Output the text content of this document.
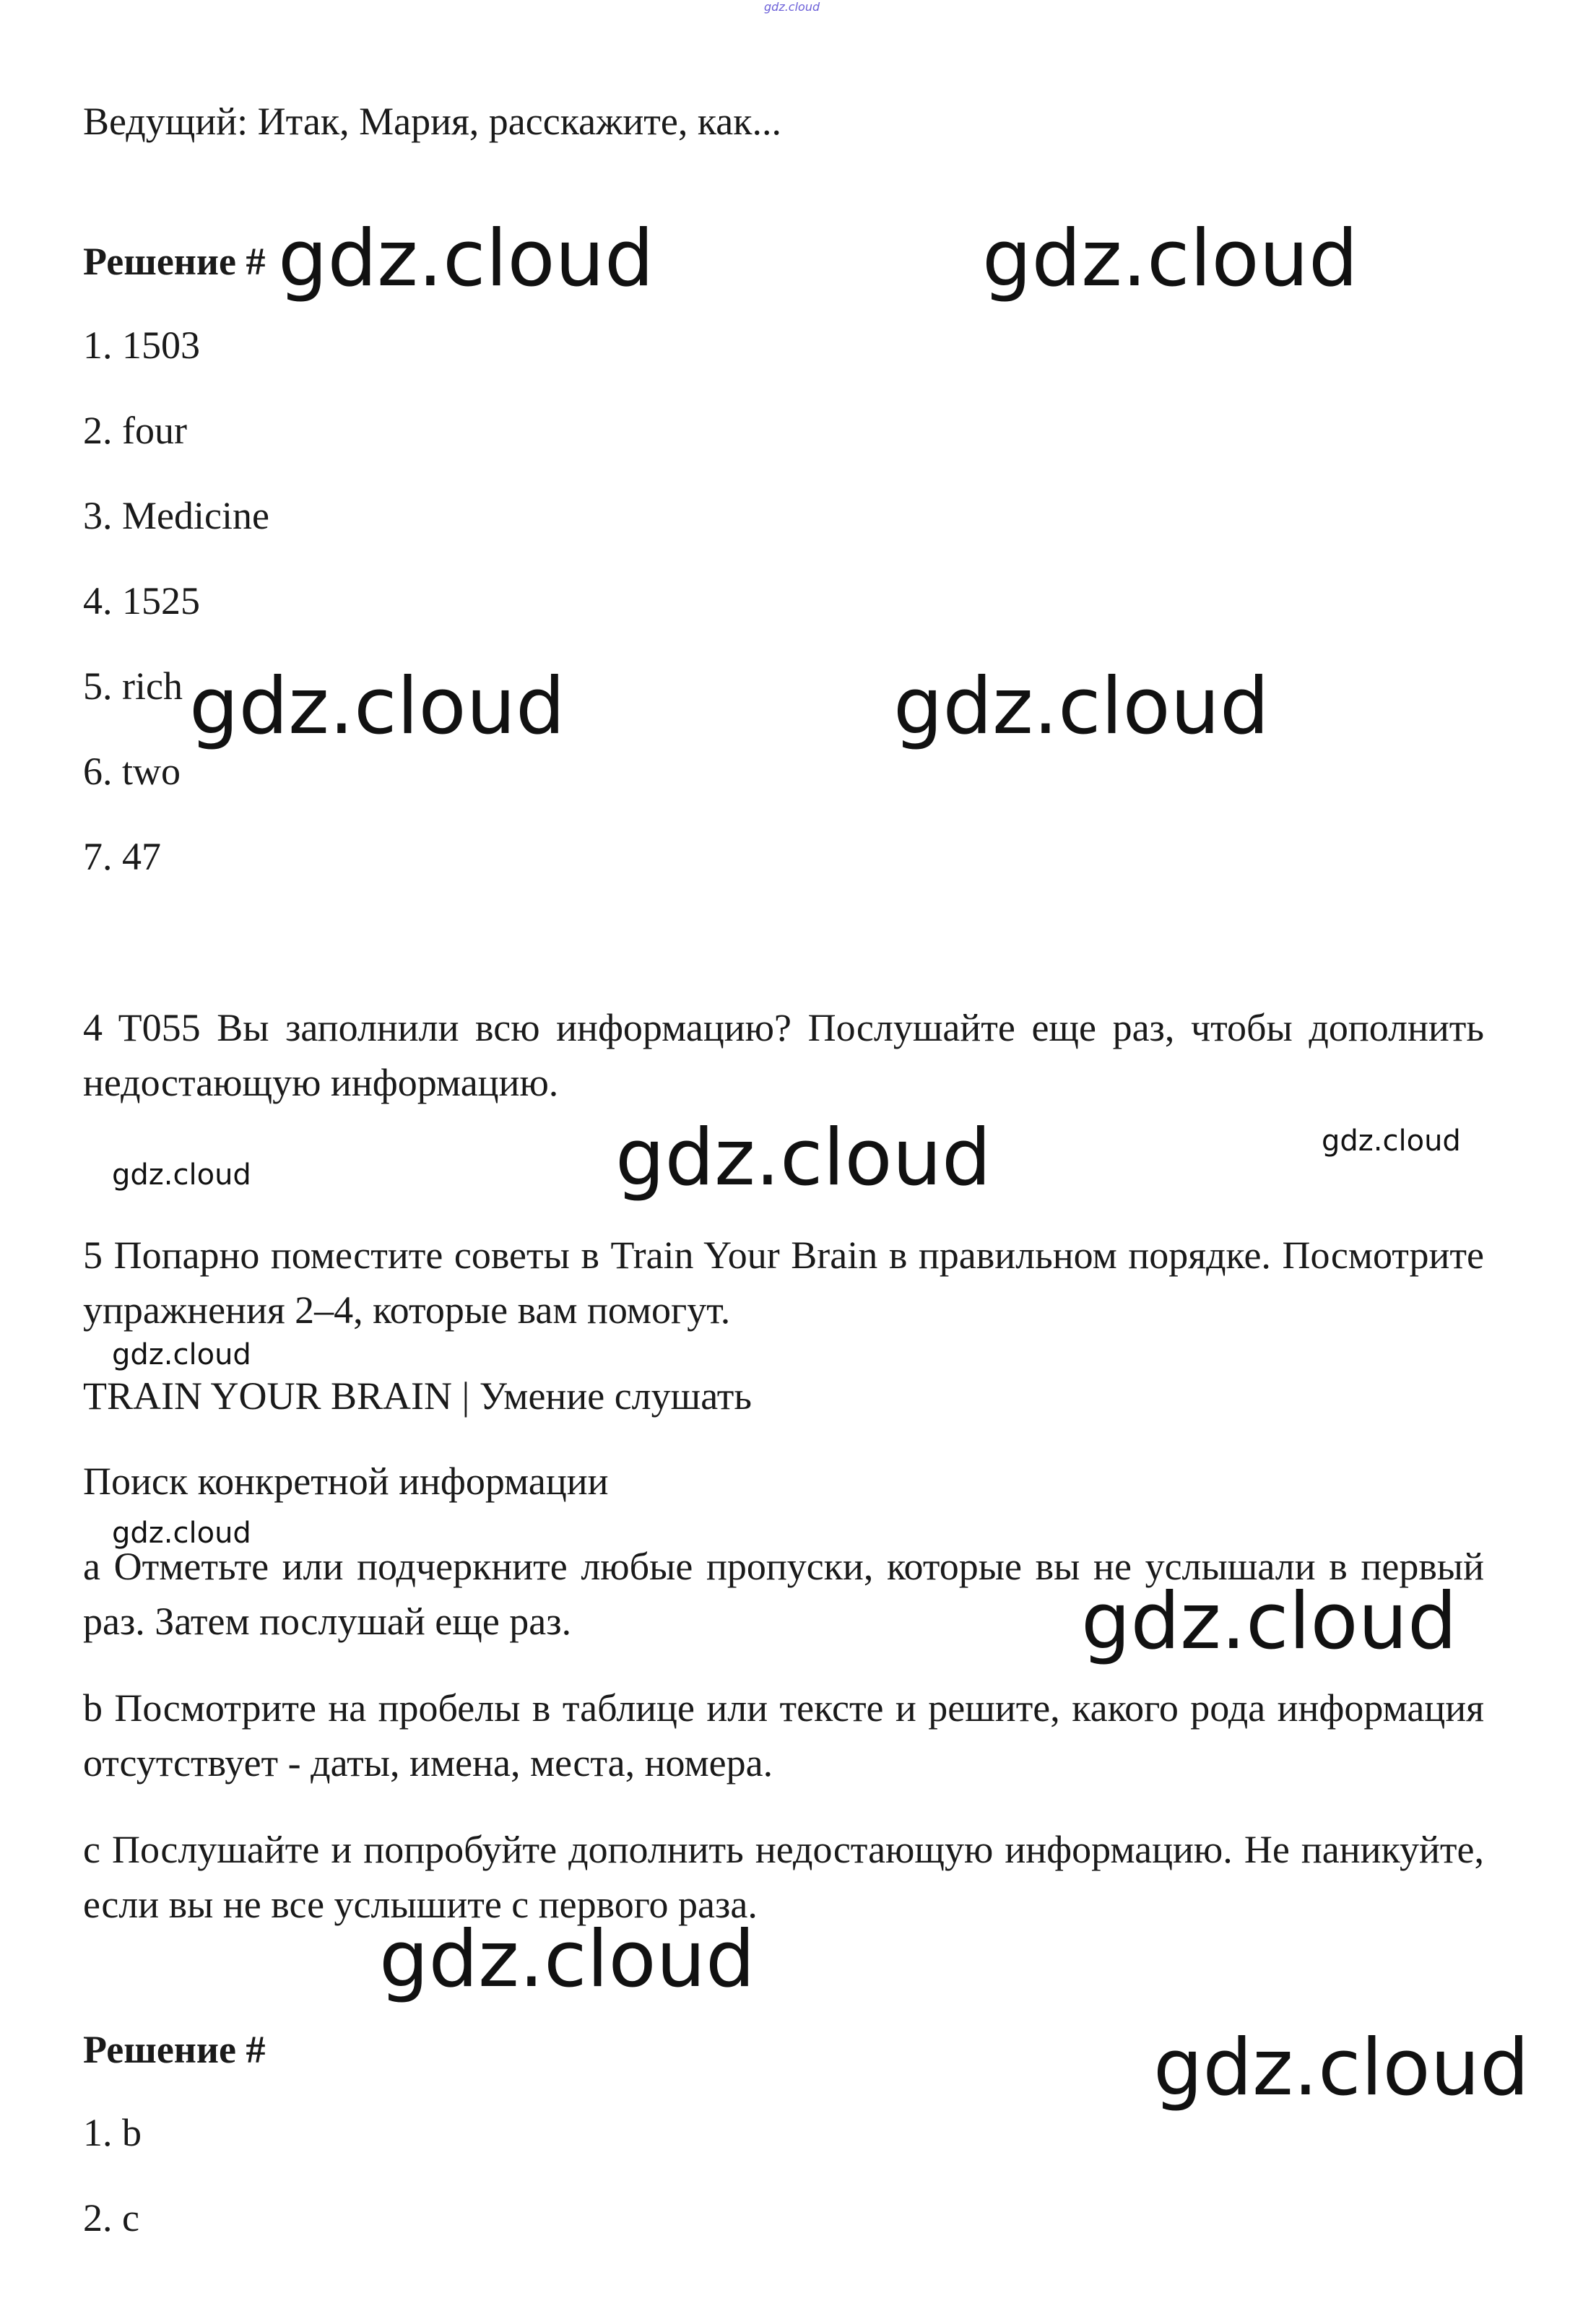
gdz.cloud

Ведущий: Итак, Мария, расскажите, как...

Решение #

1. 1503

2. four

3. Medicine

4. 1525

5. rich

6. two

7. 47

4 T055 Вы заполнили всю информацию? Послушайте еще раз, чтобы дополнить недостающую информацию.

5 Попарно поместите советы в Train Your Brain в правильном порядке. Посмотрите упражнения 2–4, которые вам помогут.

TRAIN YOUR BRAIN | Умение слушать

Поиск конкретной информации

a Отметьте или подчеркните любые пропуски, которые вы не услышали в первый раз. Затем послушай еще раз.

b Посмотрите на пробелы в таблице или тексте и решите, какого рода информация отсутствует - даты, имена, места, номера.

c Послушайте и попробуйте дополнить недостающую информацию. Не паникуйте, если вы не все услышите с первого раза.

Решение #

1. b

2. c

gdz.cloud	gdz.cloud
gdz.cloud	gdz.cloud
gdz.cloud
gdz.cloud
gdz.cloud
gdz.cloud
gdz.cloud
gdz.cloud
gdz.cloud
gdz.cloud
